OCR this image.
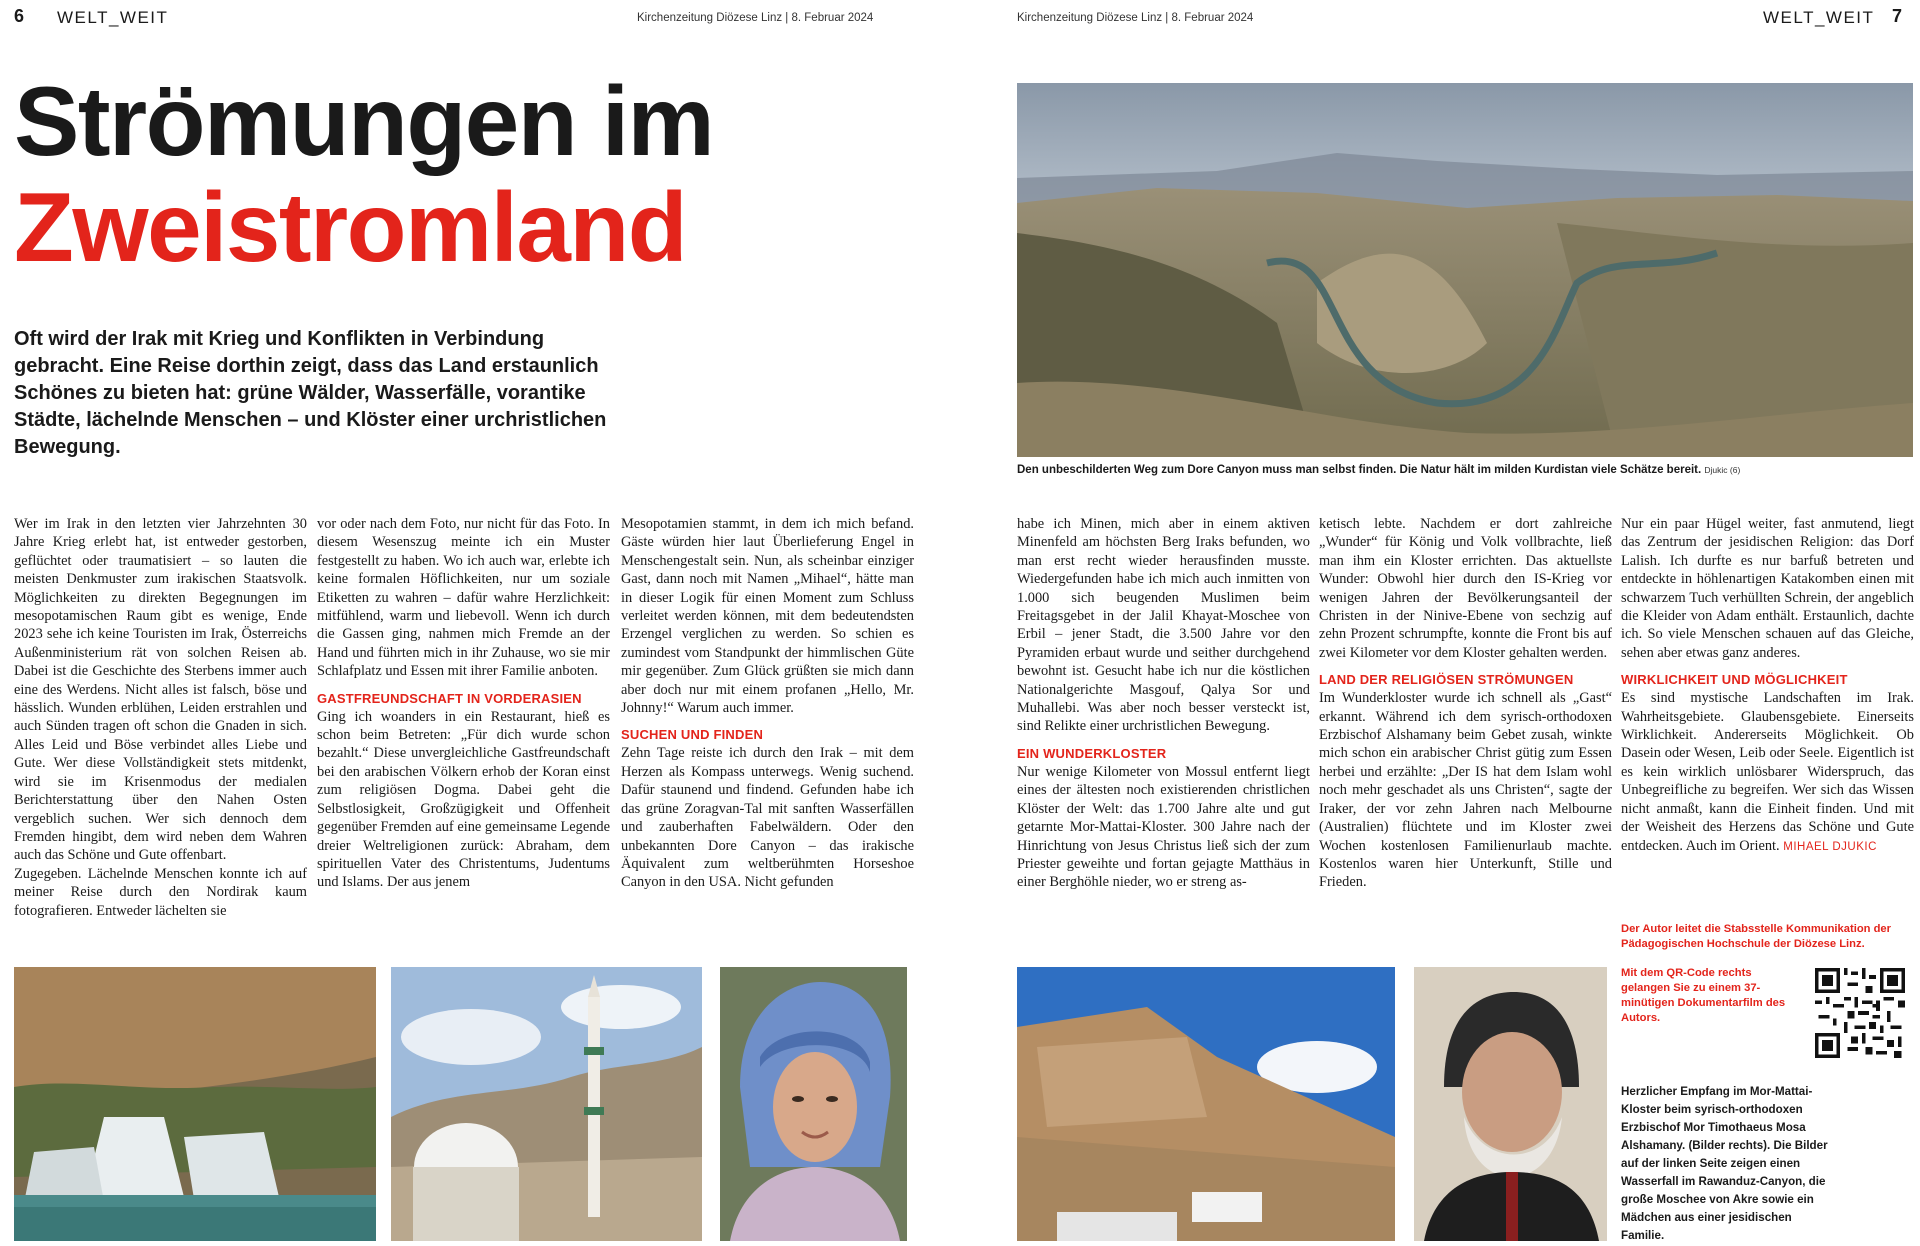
6 WELT_WEIT	Kirchenzeitung Diözese Linz | 8. Februar 2024	Kirchenzeitung Diözese Linz | 8. Februar 2024	WELT_WEIT 7
Strömungen im
Zweistromland

Oft wird der Irak mit Krieg und Konflikten in Verbindung gebracht. Eine Reise dorthin zeigt, dass das Land erstaunlich Schönes zu bieten hat: grüne Wälder, Wasserfälle, vorantike Städte, lächelnde Menschen – und Klöster einer urchristlichen Bewegung.

Den unbeschilderten Weg zum Dore Canyon muss man selbst finden. Die Natur hält im milden Kurdistan viele Schätze bereit. Djukic (6)

Wer im Irak in den letzten vier Jahrzehnten 30 Jahre Krieg erlebt hat, ist entweder gestorben, geflüchtet oder traumatisiert – so lauten die meisten Denkmuster zum irakischen Staatsvolk. Möglichkeiten zu direkten Begegnungen im mesopotamischen Raum gibt es wenige, Ende 2023 sehe ich keine Touristen im Irak, Österreichs Außenministerium rät von solchen Reisen ab. Dabei ist die Geschichte des Sterbens immer auch eine des Werdens. Nicht alles ist falsch, böse und hässlich. Wunden erblühen, Leiden erstrahlen und auch Sünden tragen oft schon die Gnaden in sich. Alles Leid und Böse verbindet alles Liebe und Gute. Wer diese Vollständigkeit stets mitdenkt, wird sie im Krisenmodus der medialen Berichterstattung über den Nahen Osten vergeblich suchen. Wer sich dennoch dem Fremden hingibt, dem wird neben dem Wahren auch das Schöne und Gute offenbart.

Zugegeben. Lächelnde Menschen konnte ich auf meiner Reise durch den Nordirak kaum fotografieren. Entweder lächelten sie

vor oder nach dem Foto, nur nicht für das Foto. In diesem Wesenszug meinte ich ein Muster festgestellt zu haben. Wo ich auch war, erlebte ich keine formalen Höflichkeiten, nur um soziale Etiketten zu wahren – dafür wahre Herzlichkeit: mitfühlend, warm und liebevoll. Wenn ich durch die Gassen ging, nahmen mich Fremde an der Hand und führten mich in ihr Zuhause, wo sie mir Schlafplatz und Essen mit ihrer Familie anboten.

GASTFREUNDSCHAFT IN VORDERASIEN

Ging ich woanders in ein Restaurant, hieß es schon beim Betreten: „Für dich wurde schon bezahlt.“ Diese unvergleichliche Gastfreundschaft bei den arabischen Völkern erhob der Koran einst zum religiösen Dogma. Dabei geht die Selbstlosigkeit, Großzügigkeit und Offenheit gegenüber Fremden auf eine gemeinsame Legende dreier Weltreligionen zurück: Abraham, dem spirituellen Vater des Christentums, Judentums und Islams. Der aus jenem

Mesopotamien stammt, in dem ich mich befand. Gäste würden hier laut Überlieferung Engel in Menschengestalt sein. Nun, als scheinbar einziger Gast, dann noch mit Namen „Mihael“, hätte man in dieser Logik für einen Moment zum Schluss verleitet werden können, mit dem bedeutendsten Erzengel verglichen zu werden. So schien es zumindest vom Standpunkt der himmlischen Güte mir gegenüber. Zum Glück grüßten sie mich dann aber doch nur mit einem profanen „Hello, Mr. Johnny!“ Warum auch immer.

SUCHEN UND FINDEN

Zehn Tage reiste ich durch den Irak – mit dem Herzen als Kompass unterwegs. Wenig suchend. Dafür staunend und findend. Gefunden habe ich das grüne Zoragvan-Tal mit sanften Wasserfällen und zauberhaften Fabelwäldern. Oder den unbekannten Dore Canyon – das irakische Äquivalent zum weltberühmten Horseshoe Canyon in den USA. Nicht gefunden

habe ich Minen, mich aber in einem aktiven Minenfeld am höchsten Berg Iraks befunden, wo man erst recht wieder herausfinden musste. Wiedergefunden habe ich mich auch inmitten von 1.000 sich beugenden Muslimen beim Freitagsgebet in der Jalil Khayat-Moschee von Erbil – jener Stadt, die 3.500 Jahre vor den Pyramiden erbaut wurde und seither durchgehend bewohnt ist. Gesucht habe ich nur die köstlichen Nationalgerichte Masgouf, Qalya Sor und Muhallebi. Was aber noch besser versteckt ist, sind Relikte einer urchristlichen Bewegung.

EIN WUNDERKLOSTER

Nur wenige Kilometer von Mossul entfernt liegt eines der ältesten noch existierenden christlichen Klöster der Welt: das 1.700 Jahre alte und gut getarnte Mor-Mattai-Kloster. 300 Jahre nach der Hinrichtung von Jesus Christus ließ sich der zum Priester geweihte und fortan gejagte Matthäus in einer Berghöhle nieder, wo er streng as-

ketisch lebte. Nachdem er dort zahlreiche „Wunder“ für König und Volk vollbrachte, ließ man ihm ein Kloster errichten. Das aktuellste Wunder: Obwohl hier durch den IS-Krieg vor wenigen Jahren der Bevölkerungsanteil der Christen in der Ninive-Ebene von sechzig auf zehn Prozent schrumpfte, konnte die Front bis auf zwei Kilometer vor dem Kloster gehalten werden.

LAND DER RELIGIÖSEN STRÖMUNGEN

Im Wunderkloster wurde ich schnell als „Gast“ erkannt. Während ich dem syrisch-orthodoxen Erzbischof Alshamany beim Gebet zusah, winkte mich schon ein arabischer Christ gütig zum Essen herbei und erzählte: „Der IS hat dem Islam wohl noch mehr geschadet als uns Christen“, sagte der Iraker, der vor zehn Jahren nach Melbourne (Australien) flüchtete und im Kloster zwei Wochen kostenlosen Familienurlaub machte. Kostenlos waren hier Unterkunft, Stille und Frieden.

Nur ein paar Hügel weiter, fast anmutend, liegt das Zentrum der jesidischen Religion: das Dorf Lalish. Ich durfte es nur barfuß betreten und entdeckte in höhlenartigen Katakomben einen mit schwarzem Tuch verhüllten Schrein, der angeblich die Kleider von Adam enthält. Erstaunlich, dachte ich. So viele Menschen schauen auf das Gleiche, sehen aber etwas ganz anderes.

WIRKLICHKEIT UND MÖGLICHKEIT

Es sind mystische Landschaften im Irak. Wahrheitsgebiete. Glaubensgebiete. Einerseits Wirklichkeit. Andererseits Möglichkeit. Ob Dasein oder Wesen, Leib oder Seele. Eigentlich ist es kein wirklich unlösbarer Widerspruch, das Unbegreifliche zu begreifen. Wer sich das Wissen nicht anmaßt, kann die Einheit finden. Und mit der Weisheit des Herzens das Schöne und Gute entdecken. Auch im Orient. MIHAEL DJUKIC

Der Autor leitet die Stabsstelle Kommunikation der Pädagogischen Hochschule der Diözese Linz.
Mit dem QR-Code rechts gelangen Sie zu einem 37-minütigen Dokumentarfilm des Autors.
Herzlicher Empfang im Mor-Mattai-Kloster beim syrisch-orthodoxen Erzbischof Mor Timothaeus Mosa Alshamany. (Bilder rechts). Die Bilder auf der linken Seite zeigen einen Wasserfall im Rawanduz-Canyon, die große Moschee von Akre sowie ein Mädchen aus einer jesidischen Familie.
